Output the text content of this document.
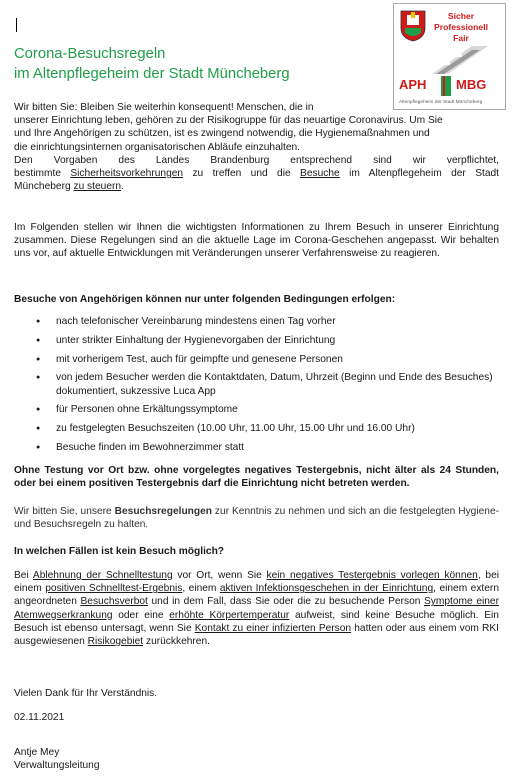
Corona-Besuchsregeln
im Altenpflegeheim der Stadt Müncheberg
Sicher
Professionell
Fair
APH MBG
Altenpflegeheim der Stadt Müncheberg
Wir bitten Sie: Bleiben Sie weiterhin konsequent! Menschen, die in
unserer Einrichtung leben, gehören zu der Risikogruppe für das neuartige Coronavirus. Um Sie
und Ihre Angehörigen zu schützen, ist es zwingend notwendig, die Hygienemaßnahmen und
die einrichtungsinternen organisatorischen Abläufe einzuhalten.
Den Vorgaben des Landes Brandenburg entsprechend sind wir verpflichtet,
bestimmte Sicherheitsvorkehrungen zu treffen und die Besuche im Altenpflegeheim der Stadt
Müncheberg zu steuern.

Im Folgenden stellen wir Ihnen die wichtigsten Informationen zu Ihrem Besuch in unserer Einrichtung zusammen. Diese Regelungen sind an die aktuelle Lage im Corona-Geschehen angepasst. Wir behalten uns vor, auf aktuelle Entwicklungen mit Veränderungen unserer Verfahrensweise zu reagieren.

Besuche von Angehörigen können nur unter folgenden Bedingungen erfolgen:

● nach telefonischer Vereinbarung mindestens einen Tag vorher
● unter strikter Einhaltung der Hygienevorgaben der Einrichtung
● mit vorherigem Test, auch für geimpfte und genesene Personen
● von jedem Besucher werden die Kontaktdaten, Datum, Uhrzeit (Beginn und Ende des Besuches) dokumentiert, sukzessive Luca App
● für Personen ohne Erkältungssymptome
● zu festgelegten Besuchszeiten (10.00 Uhr, 11.00 Uhr, 15.00 Uhr und 16.00 Uhr)
● Besuche finden im Bewohnerzimmer statt

Ohne Testung vor Ort bzw. ohne vorgelegtes negatives Testergebnis, nicht älter als 24 Stunden, oder bei einem positiven Testergebnis darf die Einrichtung nicht betreten werden.

Wir bitten Sie, unsere Besuchsregelungen zur Kenntnis zu nehmen und sich an die festgelegten Hygiene- und Besuchsregeln zu halten.

In welchen Fällen ist kein Besuch möglich?

Bei Ablehnung der Schnelltestung vor Ort, wenn Sie kein negatives Testergebnis vorlegen können, bei einem positiven Schnelltest-Ergebnis, einem aktiven Infektionsgeschehen in der Einrichtung, einem extern angeordneten Besuchsverbot und in dem Fall, dass Sie oder die zu besuchende Person Symptome einer Atemwegserkrankung oder eine erhöhte Körpertemperatur aufweist, sind keine Besuche möglich. Ein Besuch ist ebenso untersagt, wenn Sie Kontakt zu einer infizierten Person hatten oder aus einem vom RKI ausgewiesenen Risikogebiet zurückkehren.

Vielen Dank für Ihr Verständnis.

02.11.2021

Antje Mey
Verwaltungsleitung
